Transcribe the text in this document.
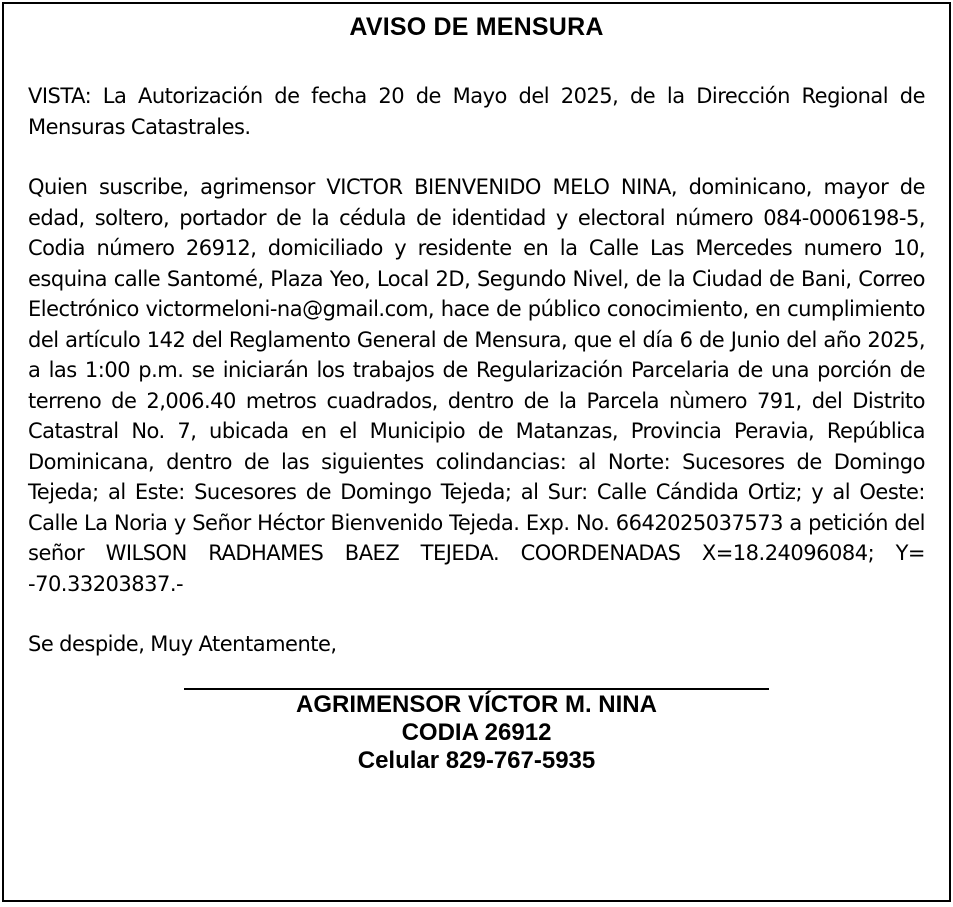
AVISO DE MENSURA

VISTA: La Autorización de fecha 20 de Mayo del 2025, de la Dirección Regional de Mensuras Catastrales.

Quien suscribe, agrimensor VICTOR BIENVENIDO MELO NINA, dominicano, mayor de edad, soltero, portador de la cédula de identidad y electoral número 084-0006198-5, Codia número 26912, domiciliado y residente en la Calle Las Mercedes numero 10, esquina calle Santomé, Plaza Yeo, Local 2D, Segundo Nivel, de la Ciudad de Bani, Correo Electrónico victormeloni-na@gmail.com, hace de público conocimiento, en cumplimiento del artículo 142 del Reglamento General de Mensura, que el día 6 de Junio del año 2025, a las 1:00 p.m. se iniciarán los trabajos de Regularización Parcelaria de una porción de terreno de 2,006.40 metros cuadrados, dentro de la Parcela nùmero 791, del Distrito Catastral No. 7, ubicada en el Municipio de Matanzas, Provincia Peravia, República Dominicana, dentro de las siguientes colindancias: al Norte: Sucesores de Domingo Tejeda; al Este: Sucesores de Domingo Tejeda; al Sur: Calle Cándida Ortiz; y al Oeste: Calle La Noria y Señor Héctor Bienvenido Tejeda. Exp. No. 6642025037573 a petición del señor WILSON RADHAMES BAEZ TEJEDA. COORDENADAS X=18.24096084; Y= -70.33203837.-

Se despide, Muy Atentamente,

AGRIMENSOR VÍCTOR M. NINA

CODIA 26912

Celular 829-767-5935
